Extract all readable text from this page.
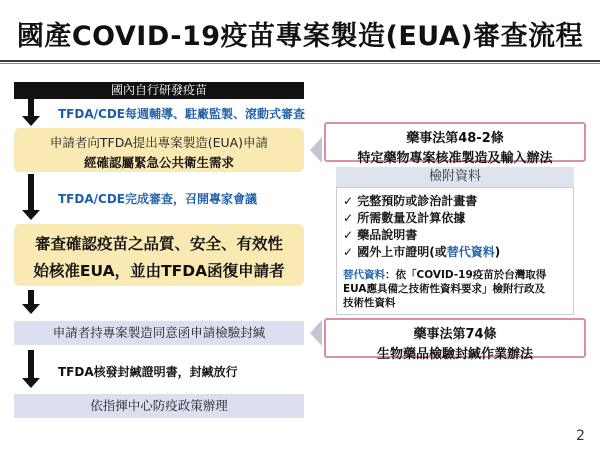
國產COVID-19疫苗專案製造(EUA)審查流程
國內自行研發疫苗
TFDA/CDE每週輔導、駐廠監製、滾動式審查
申請者向TFDA提出專案製造(EUA)申請
經確認屬緊急公共衛生需求
TFDA/CDE完成審查，召開專家會議
審查確認疫苗之品質、安全、有效性
始核准EUA，並由TFDA函復申請者
申請者持專案製造同意函申請檢驗封緘
TFDA核發封緘證明書，封緘放行
依指揮中心防疫政策辦理
藥事法第48-2條
特定藥物專案核准製造及輸入辦法
檢附資料
✓ 完整預防或診治計畫書
✓ 所需數量及計算依據
✓ 藥品說明書
✓ 國外上市證明(或替代資料)
替代資料：依「COVID-19疫苗於台灣取得
EUA應具備之技術性資料要求」檢附行政及
技術性資料
藥事法第74條
生物藥品檢驗封緘作業辦法
2
